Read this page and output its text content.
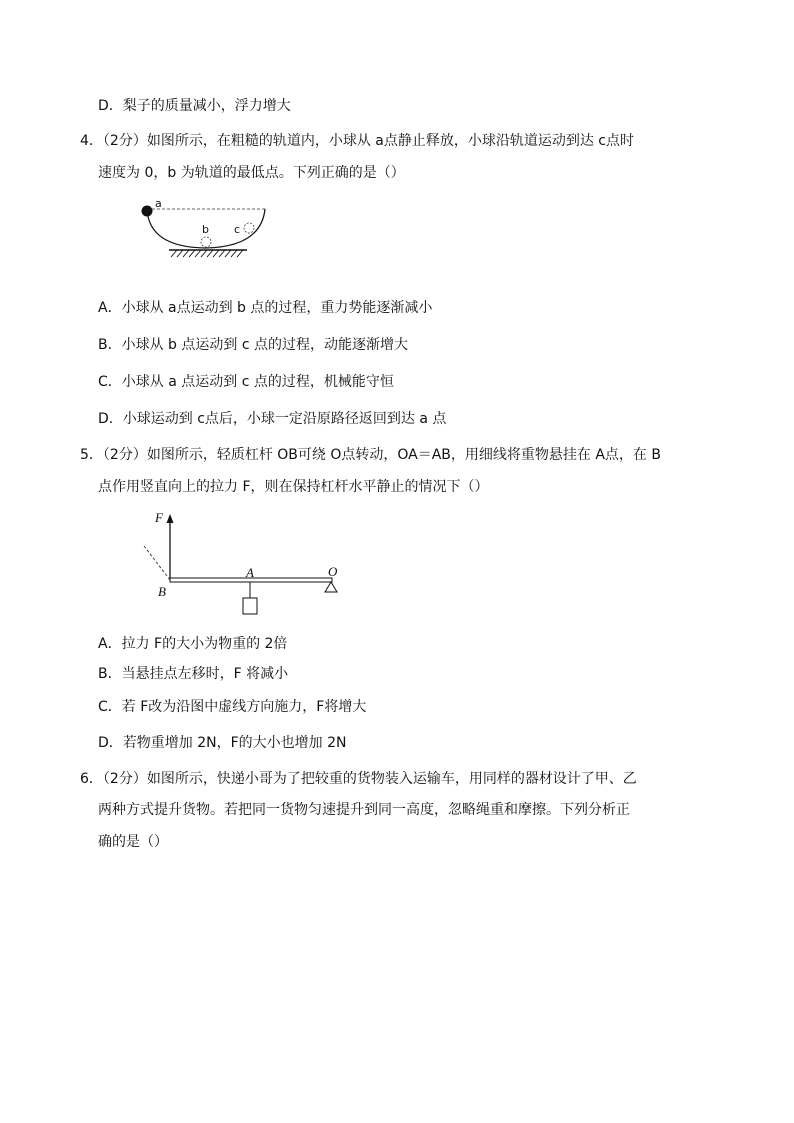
D．梨子的质量减小，浮力增大
4．（2分）如图所示，在粗糙的轨道内，小球从 a点静止释放，小球沿轨道运动到达 c点时
速度为 0，b 为轨道的最低点。下列正确的是（）
a
b c
A．小球从 a点运动到 b 点的过程，重力势能逐渐减小
B．小球从 b 点运动到 c 点的过程，动能逐渐增大
C．小球从 a 点运动到 c 点的过程，机械能守恒
D．小球运动到 c点后，小球一定沿原路径返回到达 a 点
5．（2分）如图所示，轻质杠杆 OB可绕 O点转动，OA＝AB，用细线将重物悬挂在 A点，在 B
点作用竖直向上的拉力 F，则在保持杠杆水平静止的情况下（）
F
A	O
B
A．拉力 F的大小为物重的 2倍
B．当悬挂点左移时，F 将减小
C．若 F改为沿图中虚线方向施力，F将增大
D．若物重增加 2N，F的大小也增加 2N
6．（2分）如图所示，快递小哥为了把较重的货物装入运输车，用同样的器材设计了甲、乙
两种方式提升货物。若把同一货物匀速提升到同一高度，忽略绳重和摩擦。下列分析正
确的是（）
